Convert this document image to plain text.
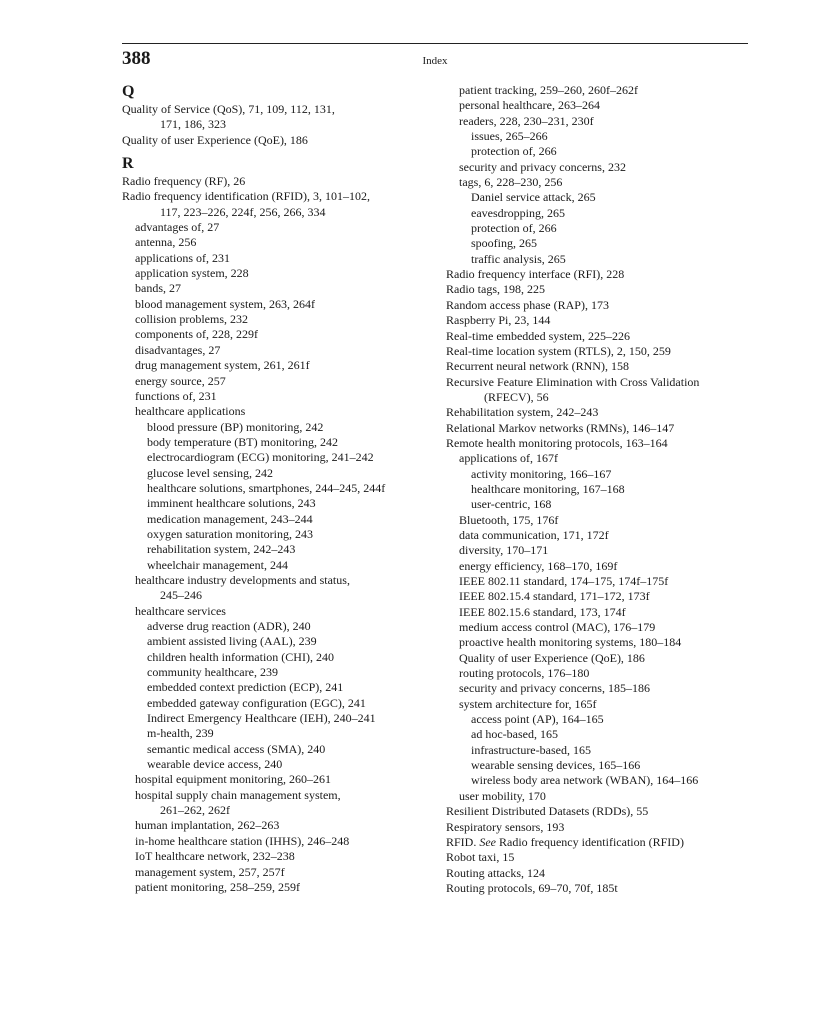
388	Index
Q
Quality of Service (QoS), 71, 109, 112, 131,
171, 186, 323
Quality of user Experience (QoE), 186
R
Radio frequency (RF), 26
Radio frequency identification (RFID), 3, 101–102,
117, 223–226, 224f, 256, 266, 334
advantages of, 27
antenna, 256
applications of, 231
application system, 228
bands, 27
blood management system, 263, 264f
collision problems, 232
components of, 228, 229f
disadvantages, 27
drug management system, 261, 261f
energy source, 257
functions of, 231
healthcare applications
blood pressure (BP) monitoring, 242
body temperature (BT) monitoring, 242
electrocardiogram (ECG) monitoring, 241–242
glucose level sensing, 242
healthcare solutions, smartphones, 244–245, 244f
imminent healthcare solutions, 243
medication management, 243–244
oxygen saturation monitoring, 243
rehabilitation system, 242–243
wheelchair management, 244
healthcare industry developments and status,
245–246
healthcare services
adverse drug reaction (ADR), 240
ambient assisted living (AAL), 239
children health information (CHI), 240
community healthcare, 239
embedded context prediction (ECP), 241
embedded gateway configuration (EGC), 241
Indirect Emergency Healthcare (IEH), 240–241
m-health, 239
semantic medical access (SMA), 240
wearable device access, 240
hospital equipment monitoring, 260–261
hospital supply chain management system,
261–262, 262f
human implantation, 262–263
in-home healthcare station (IHHS), 246–248
IoT healthcare network, 232–238
management system, 257, 257f
patient monitoring, 258–259, 259f
patient tracking, 259–260, 260f–262f
personal healthcare, 263–264
readers, 228, 230–231, 230f
issues, 265–266
protection of, 266
security and privacy concerns, 232
tags, 6, 228–230, 256
Daniel service attack, 265
eavesdropping, 265
protection of, 266
spoofing, 265
traffic analysis, 265
Radio frequency interface (RFI), 228
Radio tags, 198, 225
Random access phase (RAP), 173
Raspberry Pi, 23, 144
Real-time embedded system, 225–226
Real-time location system (RTLS), 2, 150, 259
Recurrent neural network (RNN), 158
Recursive Feature Elimination with Cross Validation
(RFECV), 56
Rehabilitation system, 242–243
Relational Markov networks (RMNs), 146–147
Remote health monitoring protocols, 163–164
applications of, 167f
activity monitoring, 166–167
healthcare monitoring, 167–168
user-centric, 168
Bluetooth, 175, 176f
data communication, 171, 172f
diversity, 170–171
energy efficiency, 168–170, 169f
IEEE 802.11 standard, 174–175, 174f–175f
IEEE 802.15.4 standard, 171–172, 173f
IEEE 802.15.6 standard, 173, 174f
medium access control (MAC), 176–179
proactive health monitoring systems, 180–184
Quality of user Experience (QoE), 186
routing protocols, 176–180
security and privacy concerns, 185–186
system architecture for, 165f
access point (AP), 164–165
ad hoc-based, 165
infrastructure-based, 165
wearable sensing devices, 165–166
wireless body area network (WBAN), 164–166
user mobility, 170
Resilient Distributed Datasets (RDDs), 55
Respiratory sensors, 193
RFID. See Radio frequency identification (RFID)
Robot taxi, 15
Routing attacks, 124
Routing protocols, 69–70, 70f, 185t
